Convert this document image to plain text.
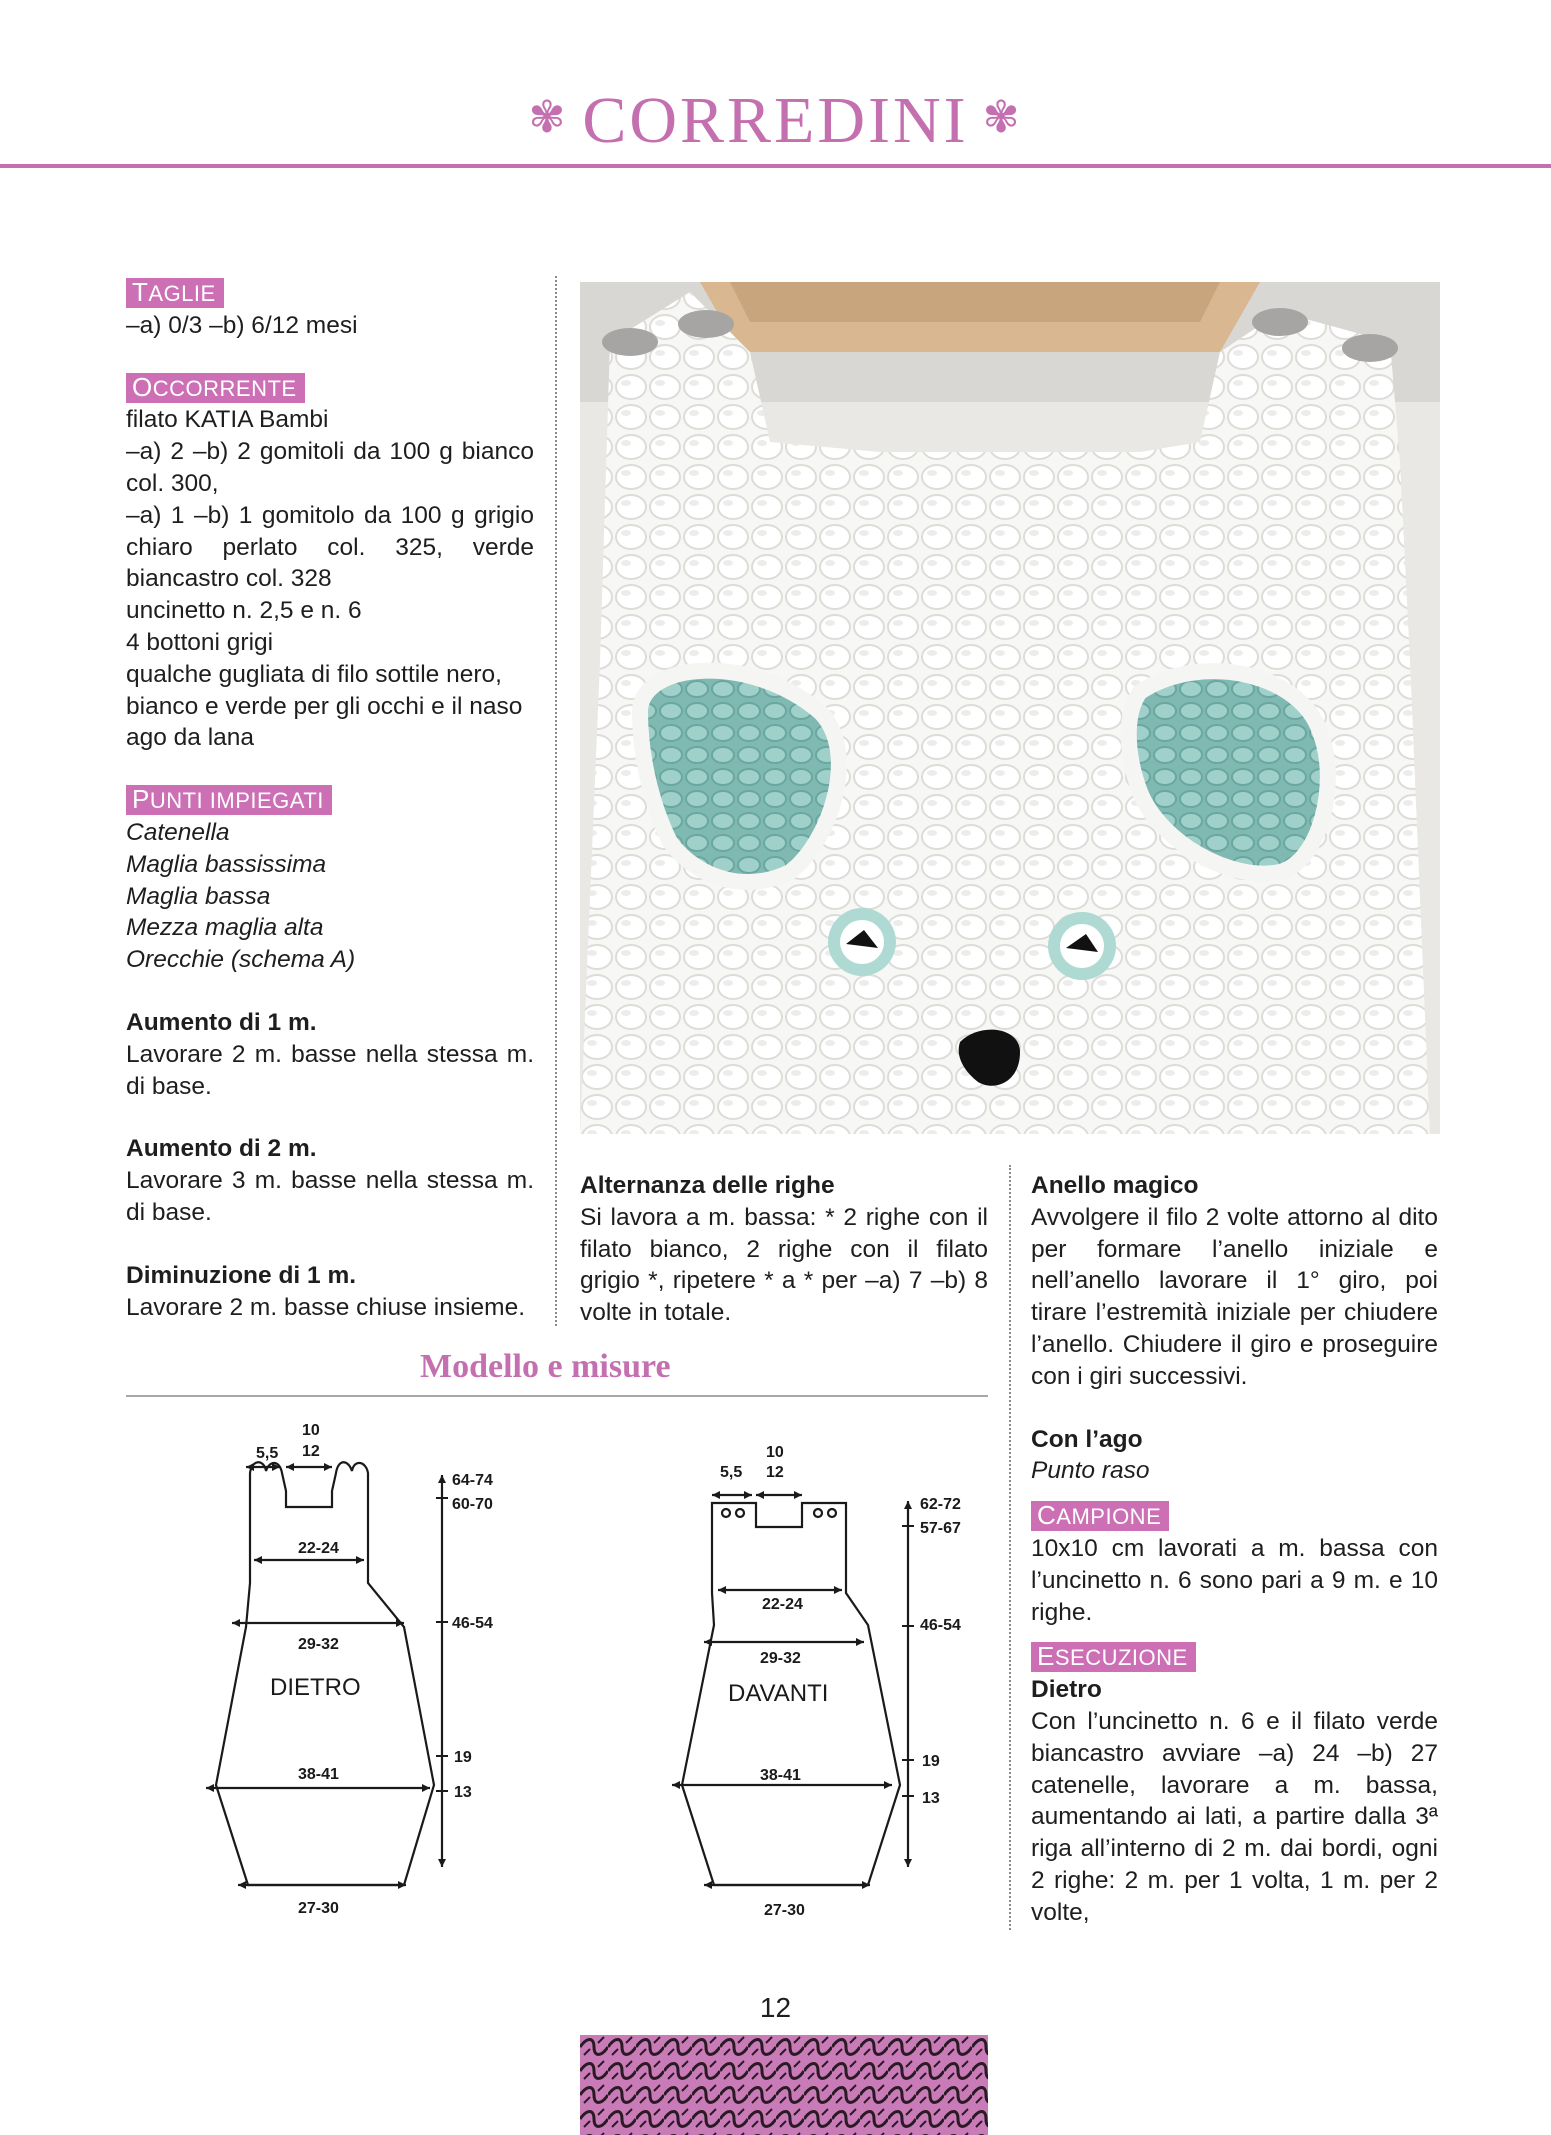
✾ CORREDINI ✾
TAGLIE

–a) 0/3 –b) 6/12 mesi

OCCORRENTE

filato KATIA Bambi

–a) 2 –b) 2 gomitoli da 100 g bianco col. 300,

–a) 1 –b) 1 gomitolo da 100 g grigio chiaro perlato col. 325, verde biancastro col. 328

uncinetto n. 2,5 e n. 6

4 bottoni grigi

qualche gugliata di filo sottile nero, bianco e verde per gli occhi e il naso

ago da lana

PUNTI IMPIEGATI

Catenella

Maglia bassissima

Maglia bassa

Mezza maglia alta

Orecchie (schema A)

Aumento di 1 m.

Lavorare 2 m. basse nella stessa m. di base.

Aumento di 2 m.

Lavorare 3 m. basse nella stessa m. di base.

Diminuzione di 1 m.

Lavorare 2 m. basse chiuse insieme.

Alternanza delle righe

Si lavora a m. bassa: * 2 righe con il filato bianco, 2 righe con il filato grigio *, ripetere * a * per –a) 7 –b) 8 volte in totale.

Anello magico

Avvolgere il filo 2 volte attorno al dito per formare l’anello iniziale e nell’anello lavorare il 1° giro, poi tirare l’estremità iniziale per chiudere l’anello. Chiudere il giro e proseguire con i giri successivi.

Con l’ago

Punto raso

CAMPIONE

10x10 cm lavorati a m. bassa con l’uncinetto n. 6 sono pari a 9 m. e 10 righe.

ESECUZIONE

Dietro

Con l’uncinetto n. 6 e il filato verde biancastro avviare –a) 24 –b) 27 catenelle, lavorare a m. bassa, aumentando ai lati, a partire dalla 3ª riga all’interno di 2 m. dai bordi, ogni 2 righe: 2 m. per 1 volta, 1 m. per 2 volte,

Modello e misure
5,5
10
12
64-74
60-70
46-54
19
13
22-24
29-32
38-41
27-30
DIETRO
5,5
10
12
62-72
57-67
46-54
19
13
22-24
29-32
38-41
27-30
DAVANTI
12
